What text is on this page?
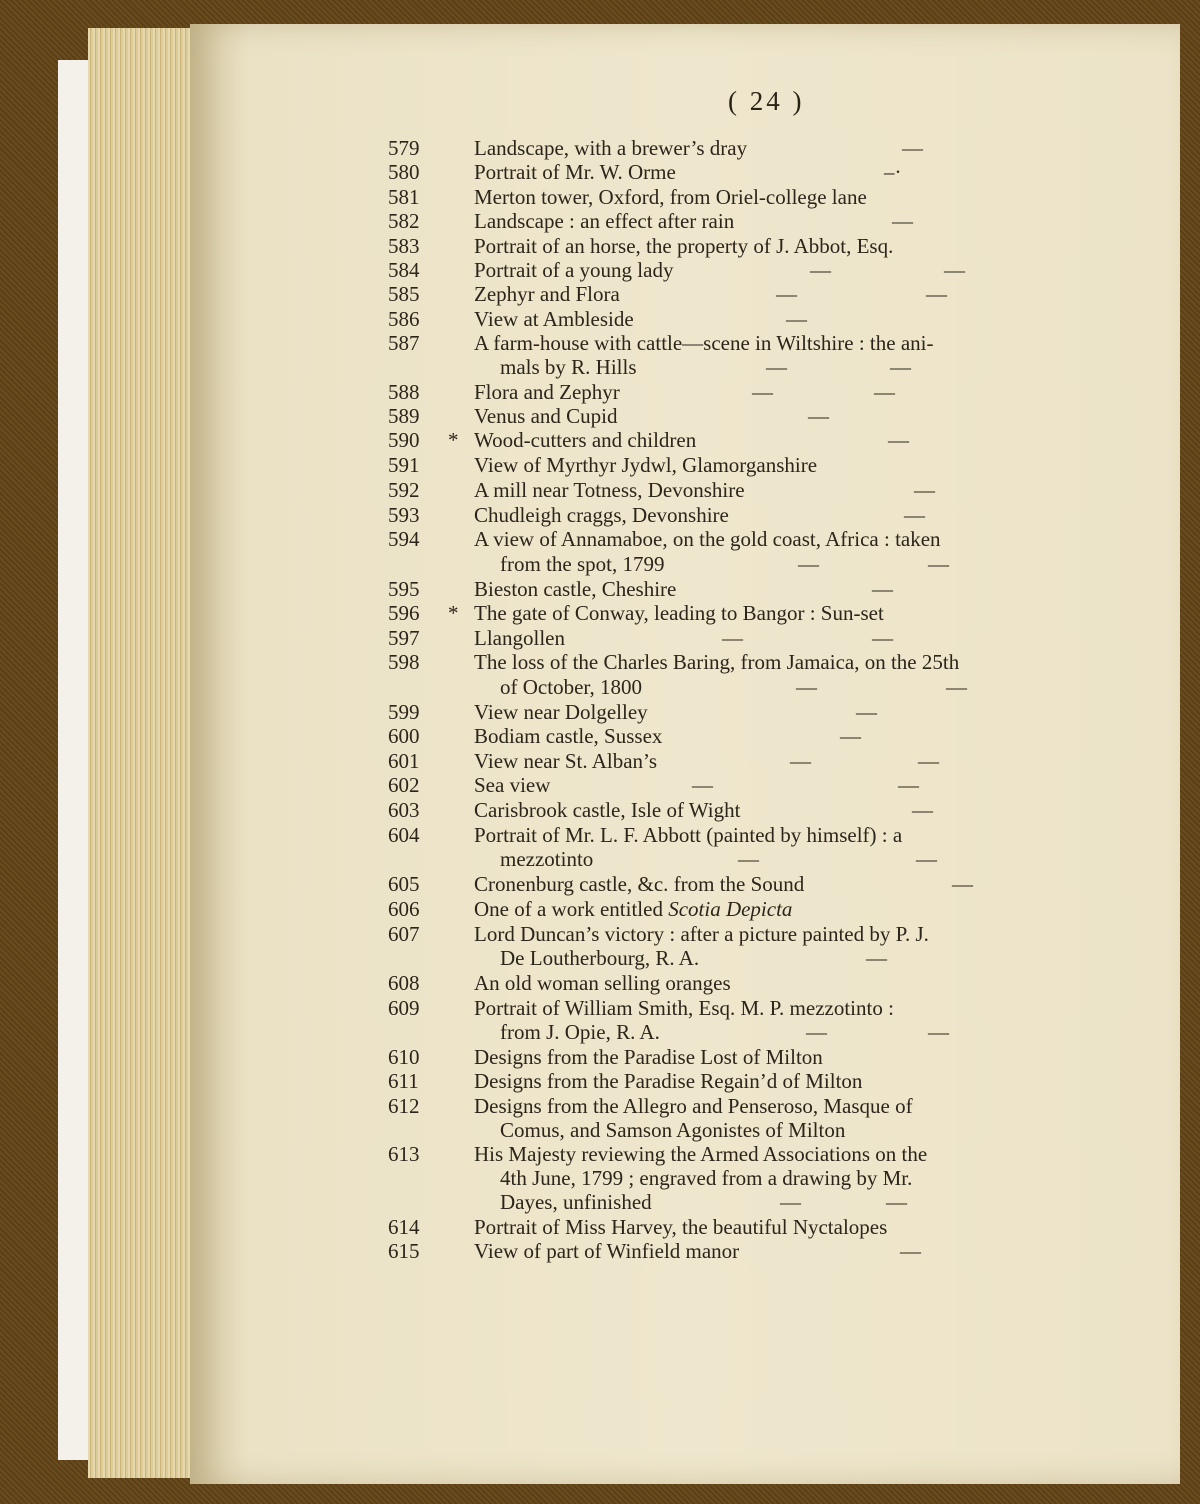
( 24 )
579	Landscape, with a brewer’s dray	—
580	Portrait of Mr. W. Orme	–·
581	Merton tower, Oxford, from Oriel-college lane
582	Landscape : an effect after rain	—
583	Portrait of an horse, the property of J. Abbot, Esq.
584	Portrait of a young lady	—	—
585	Zephyr and Flora	—	—
586	View at Ambleside	—
587	A farm-house with cattle—scene in Wiltshire : the ani-
mals by R. Hills	—	—
588	Flora and Zephyr	—	—
589	Venus and Cupid	—
590	* Wood-cutters and children	—
591	View of Myrthyr Jydwl, Glamorganshire
592	A mill near Totness, Devonshire	—
593	Chudleigh craggs, Devonshire	—
594	A view of Annamaboe, on the gold coast, Africa : taken
from the spot, 1799	—	—
595	Bieston castle, Cheshire	—
596	* The gate of Conway, leading to Bangor : Sun-set
597	Llangollen	—	—
598	The loss of the Charles Baring, from Jamaica, on the 25th
of October, 1800	—	—
599	View near Dolgelley	—
600	Bodiam castle, Sussex	—
601	View near St. Alban’s	—	—
602	Sea view	—	—
603	Carisbrook castle, Isle of Wight	—
604	Portrait of Mr. L. F. Abbott (painted by himself) : a
mezzotinto	—	—
605	Cronenburg castle, &c. from the Sound	—
606	One of a work entitled Scotia Depicta
607	Lord Duncan’s victory : after a picture painted by P. J.
De Loutherbourg, R. A.	—
608	An old woman selling oranges
609	Portrait of William Smith, Esq. M. P. mezzotinto :
from J. Opie, R. A.	—	—
610	Designs from the Paradise Lost of Milton
611	Designs from the Paradise Regain’d of Milton
612	Designs from the Allegro and Penseroso, Masque of
Comus, and Samson Agonistes of Milton
613	His Majesty reviewing the Armed Associations on the
4th June, 1799 ; engraved from a drawing by Mr.
Dayes, unfinished	—	—
614	Portrait of Miss Harvey, the beautiful Nyctalopes
615	View of part of Winfield manor	—
